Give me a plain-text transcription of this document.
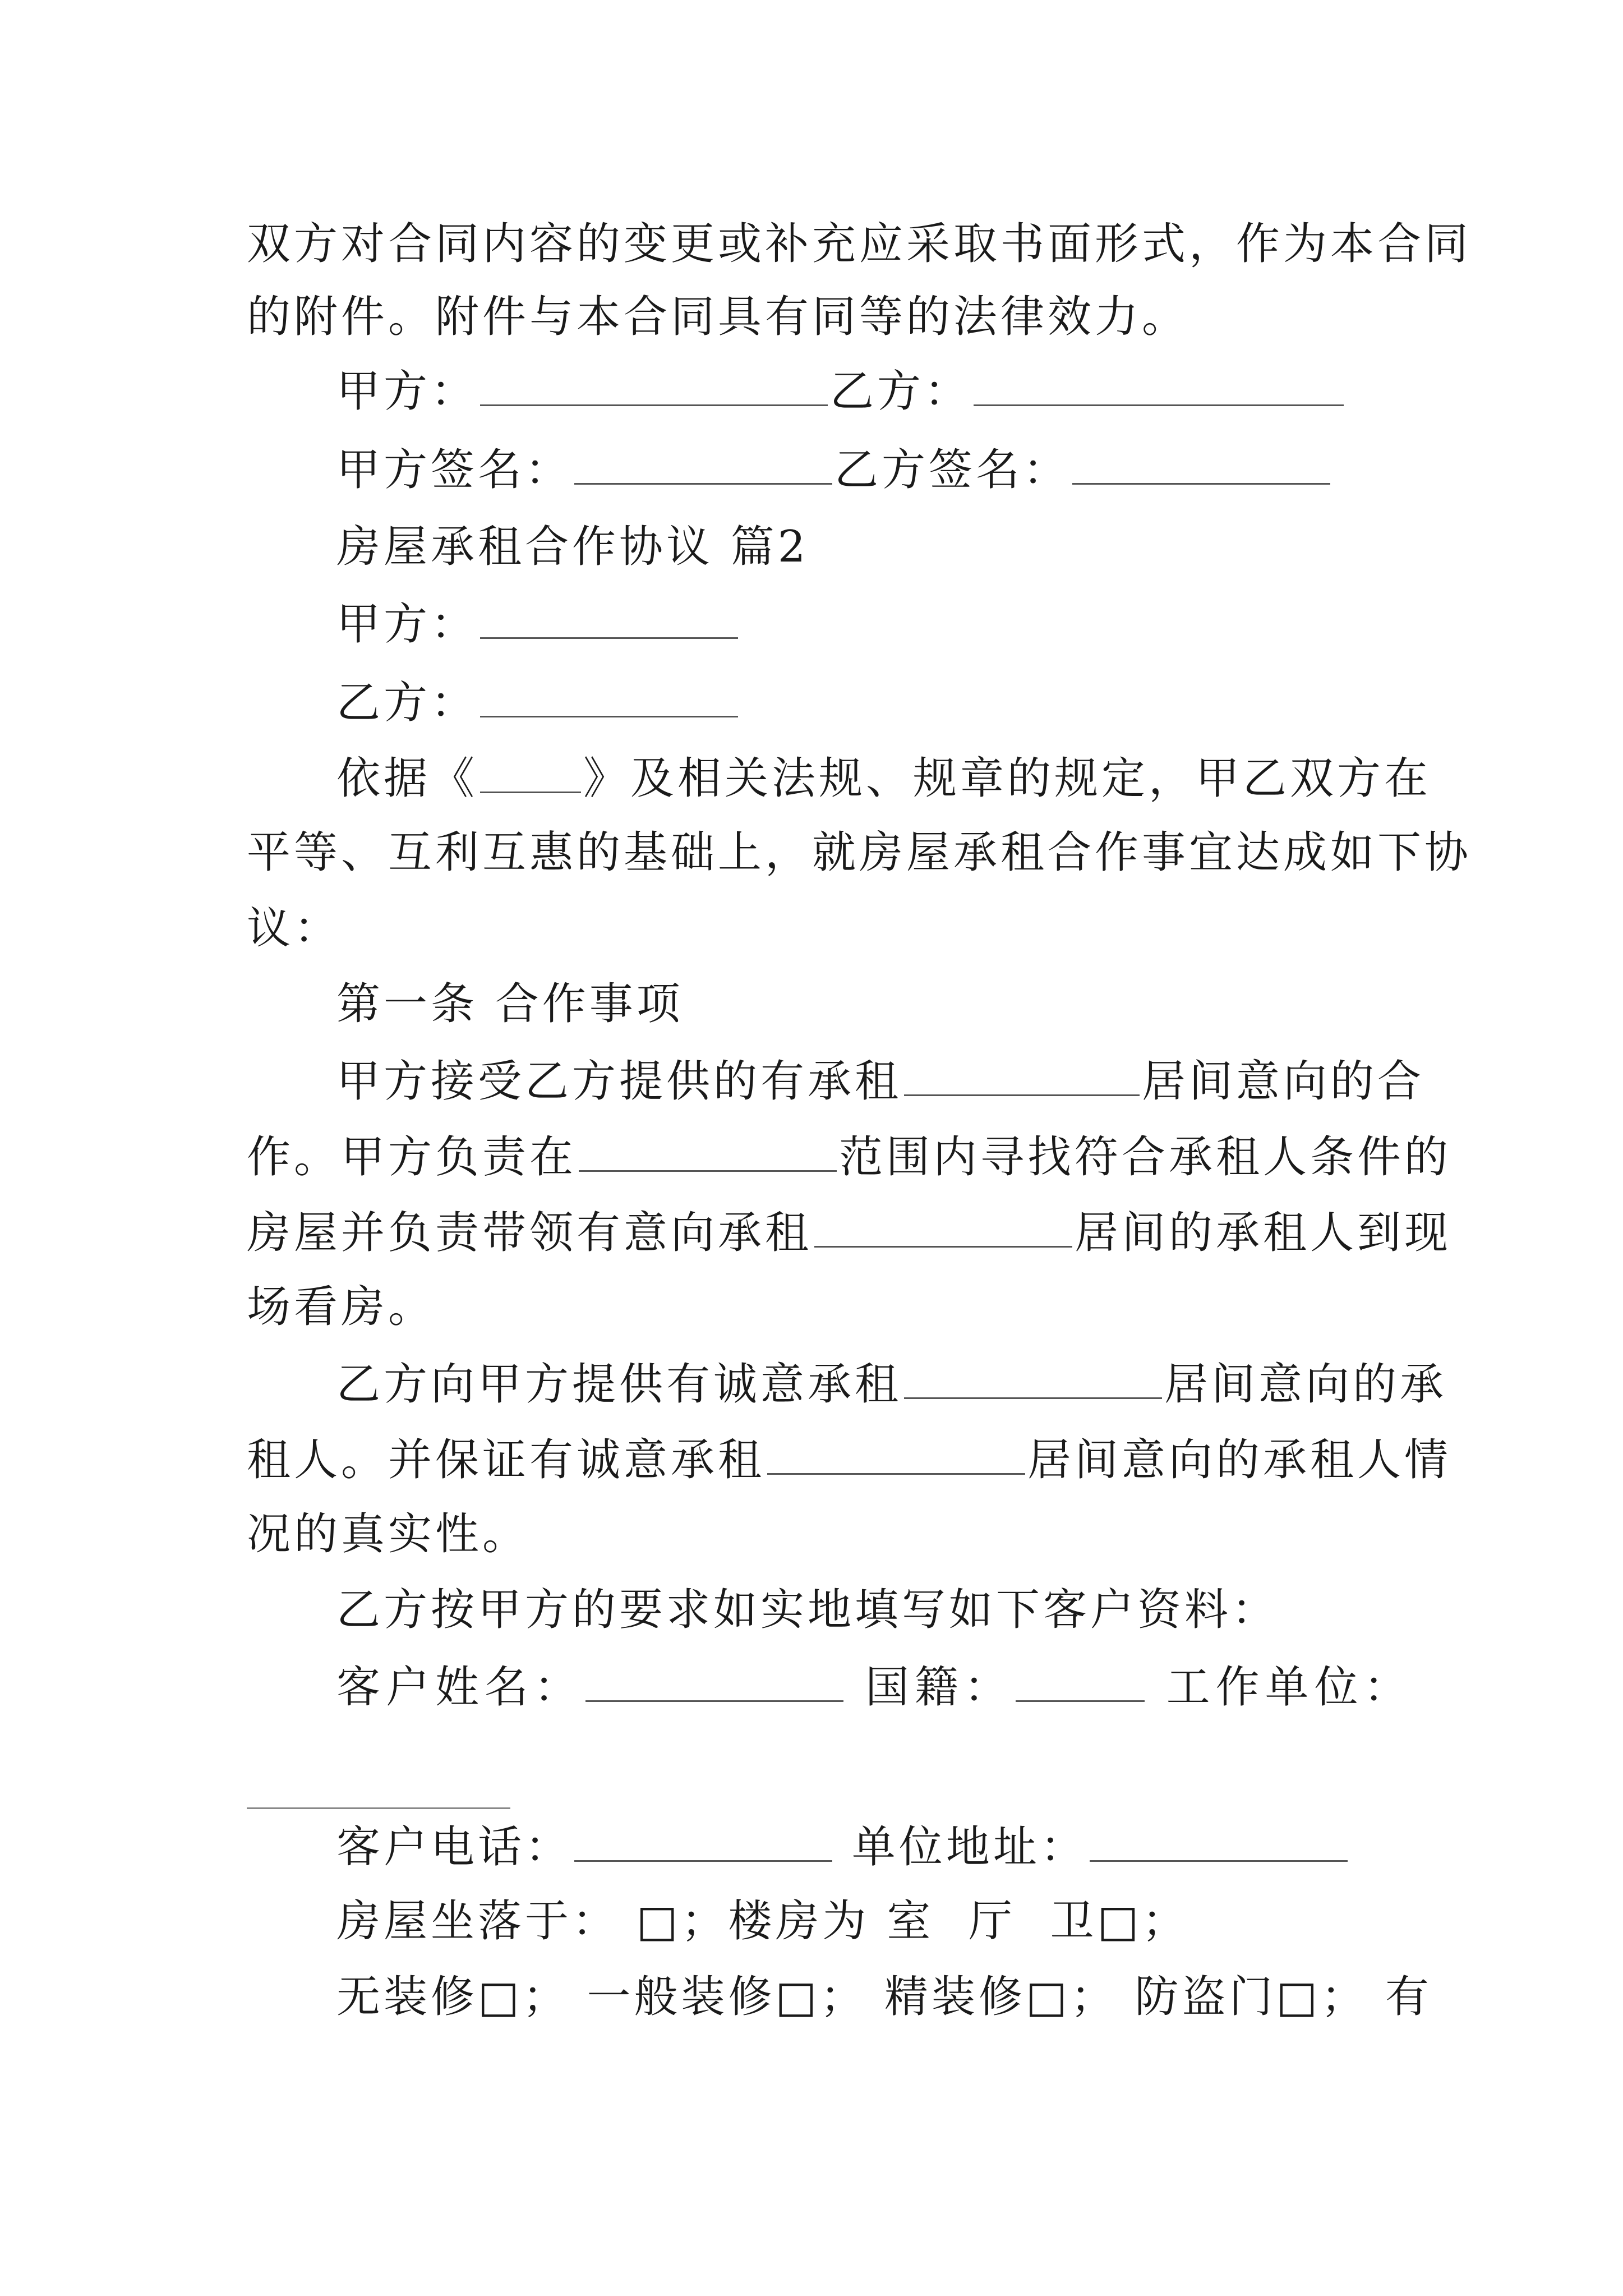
双方对合同内容的变更或补充应采取书面形式，作为本合同
的附件。附件与本合同具有同等的法律效力。
甲方：	乙方：
甲方签名：	乙方签名：
房屋承租合作协议 篇2
甲方：
乙方：
依据《 》及相关法规、规章的规定，甲乙双方在
平等、互利互惠的基础上，就房屋承租合作事宜达成如下协
议：
第一条 合作事项
甲方接受乙方提供的有承租	居间意向的合
作。甲方负责在	范围内寻找符合承租人条件的
房屋并负责带领有意向承租	居间的承租人到现
场看房。
乙方向甲方提供有诚意承租	居间意向的承
租人。并保证有诚意承租	居间意向的承租人情
况的真实性。
乙方按甲方的要求如实地填写如下客户资料：
客户姓名：	国籍：	工作单位：
客户电话：	单位地址：
房屋坐落于： □；楼房为 室 厅 卫□；
无装修□； 一般装修□； 精装修□； 防盗门□； 有
